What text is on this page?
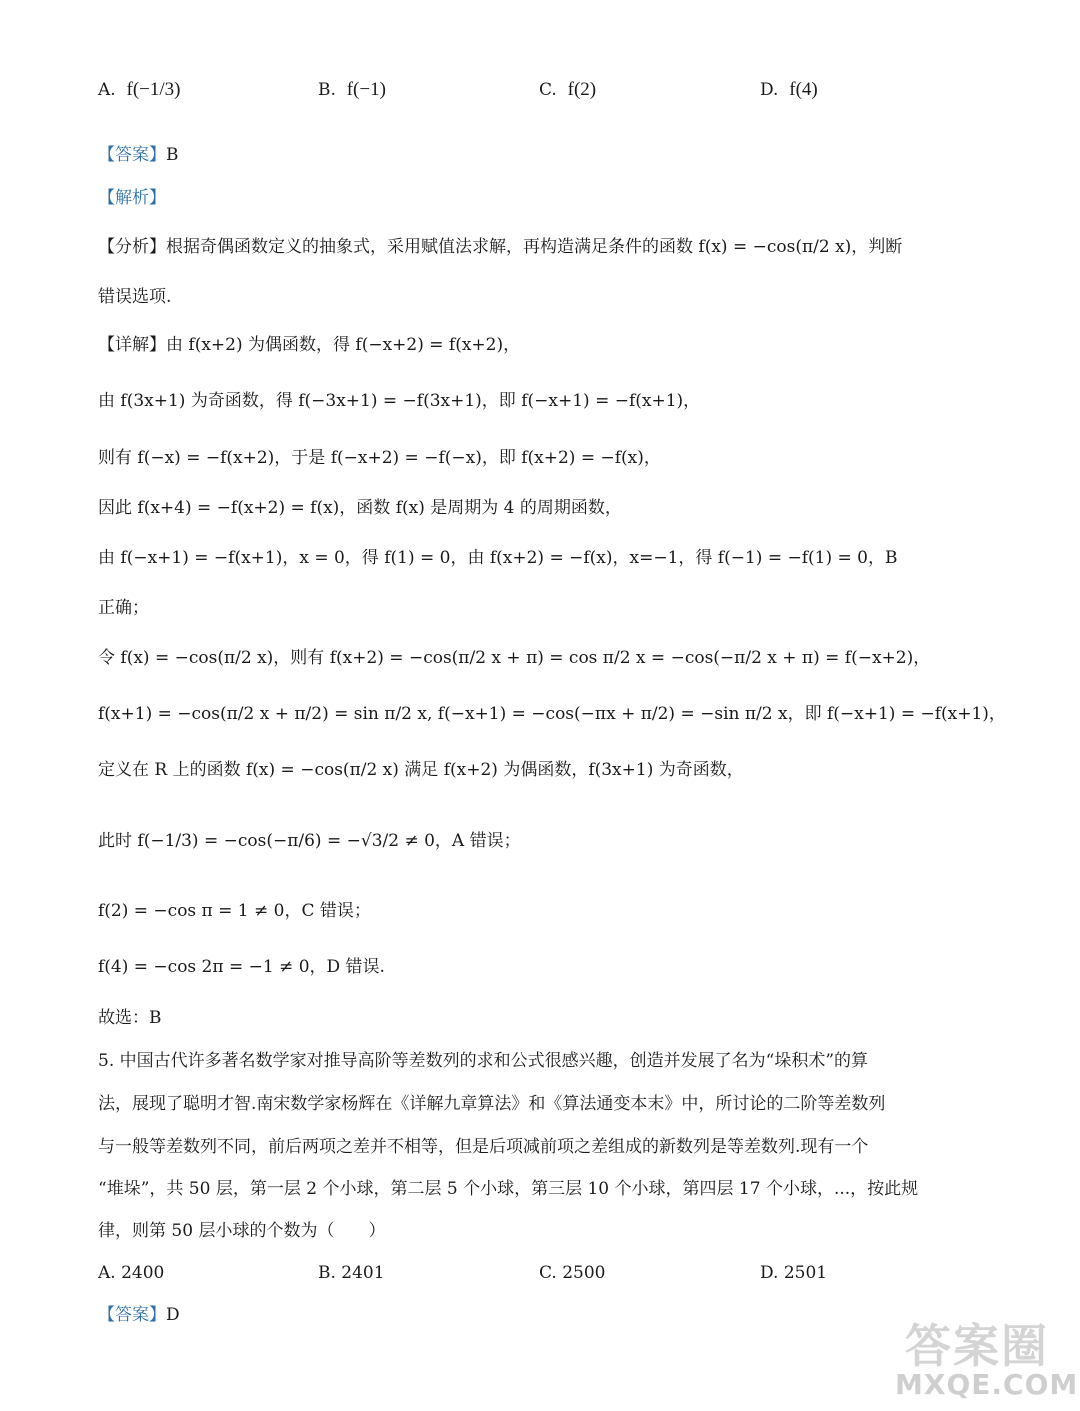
A. f(−1/3)	B. f(−1)	C. f(2)	D. f(4)
【答案】B
【解析】
【分析】根据奇偶函数定义的抽象式，采用赋值法求解，再构造满足条件的函数 f(x) = −cos(π/2 x)，判断
错误选项.
【详解】由 f(x+2) 为偶函数，得 f(−x+2) = f(x+2)，
由 f(3x+1) 为奇函数，得 f(−3x+1) = −f(3x+1)，即 f(−x+1) = −f(x+1)，
则有 f(−x) = −f(x+2)，于是 f(−x+2) = −f(−x)，即 f(x+2) = −f(x)，
因此 f(x+4) = −f(x+2) = f(x)，函数 f(x) 是周期为 4 的周期函数，
由 f(−x+1) = −f(x+1)，x = 0，得 f(1) = 0，由 f(x+2) = −f(x)，x=−1，得 f(−1) = −f(1) = 0，B
正确；
令 f(x) = −cos(π/2 x)，则有 f(x+2) = −cos(π/2 x + π) = cos π/2 x = −cos(−π/2 x + π) = f(−x+2)，
f(x+1) = −cos(π/2 x + π/2) = sin π/2 x, f(−x+1) = −cos(−πx + π/2) = −sin π/2 x，即 f(−x+1) = −f(x+1)，
定义在 R 上的函数 f(x) = −cos(π/2 x) 满足 f(x+2) 为偶函数，f(3x+1) 为奇函数，
此时 f(−1/3) = −cos(−π/6) = −√3/2 ≠ 0，A 错误；
f(2) = −cos π = 1 ≠ 0，C 错误；
f(4) = −cos 2π = −1 ≠ 0，D 错误.
故选：B
5. 中国古代许多著名数学家对推导高阶等差数列的求和公式很感兴趣，创造并发展了名为“垛积术”的算
法，展现了聪明才智.南宋数学家杨辉在《详解九章算法》和《算法通变本末》中，所讨论的二阶等差数列
与一般等差数列不同，前后两项之差并不相等，但是后项减前项之差组成的新数列是等差数列.现有一个
“堆垛”，共 50 层，第一层 2 个小球，第二层 5 个小球，第三层 10 个小球，第四层 17 个小球，...，按此规
律，则第 50 层小球的个数为（　　）
A. 2400	B. 2401	C. 2500	D. 2501
【答案】D
答案圈
MXQE.COM
